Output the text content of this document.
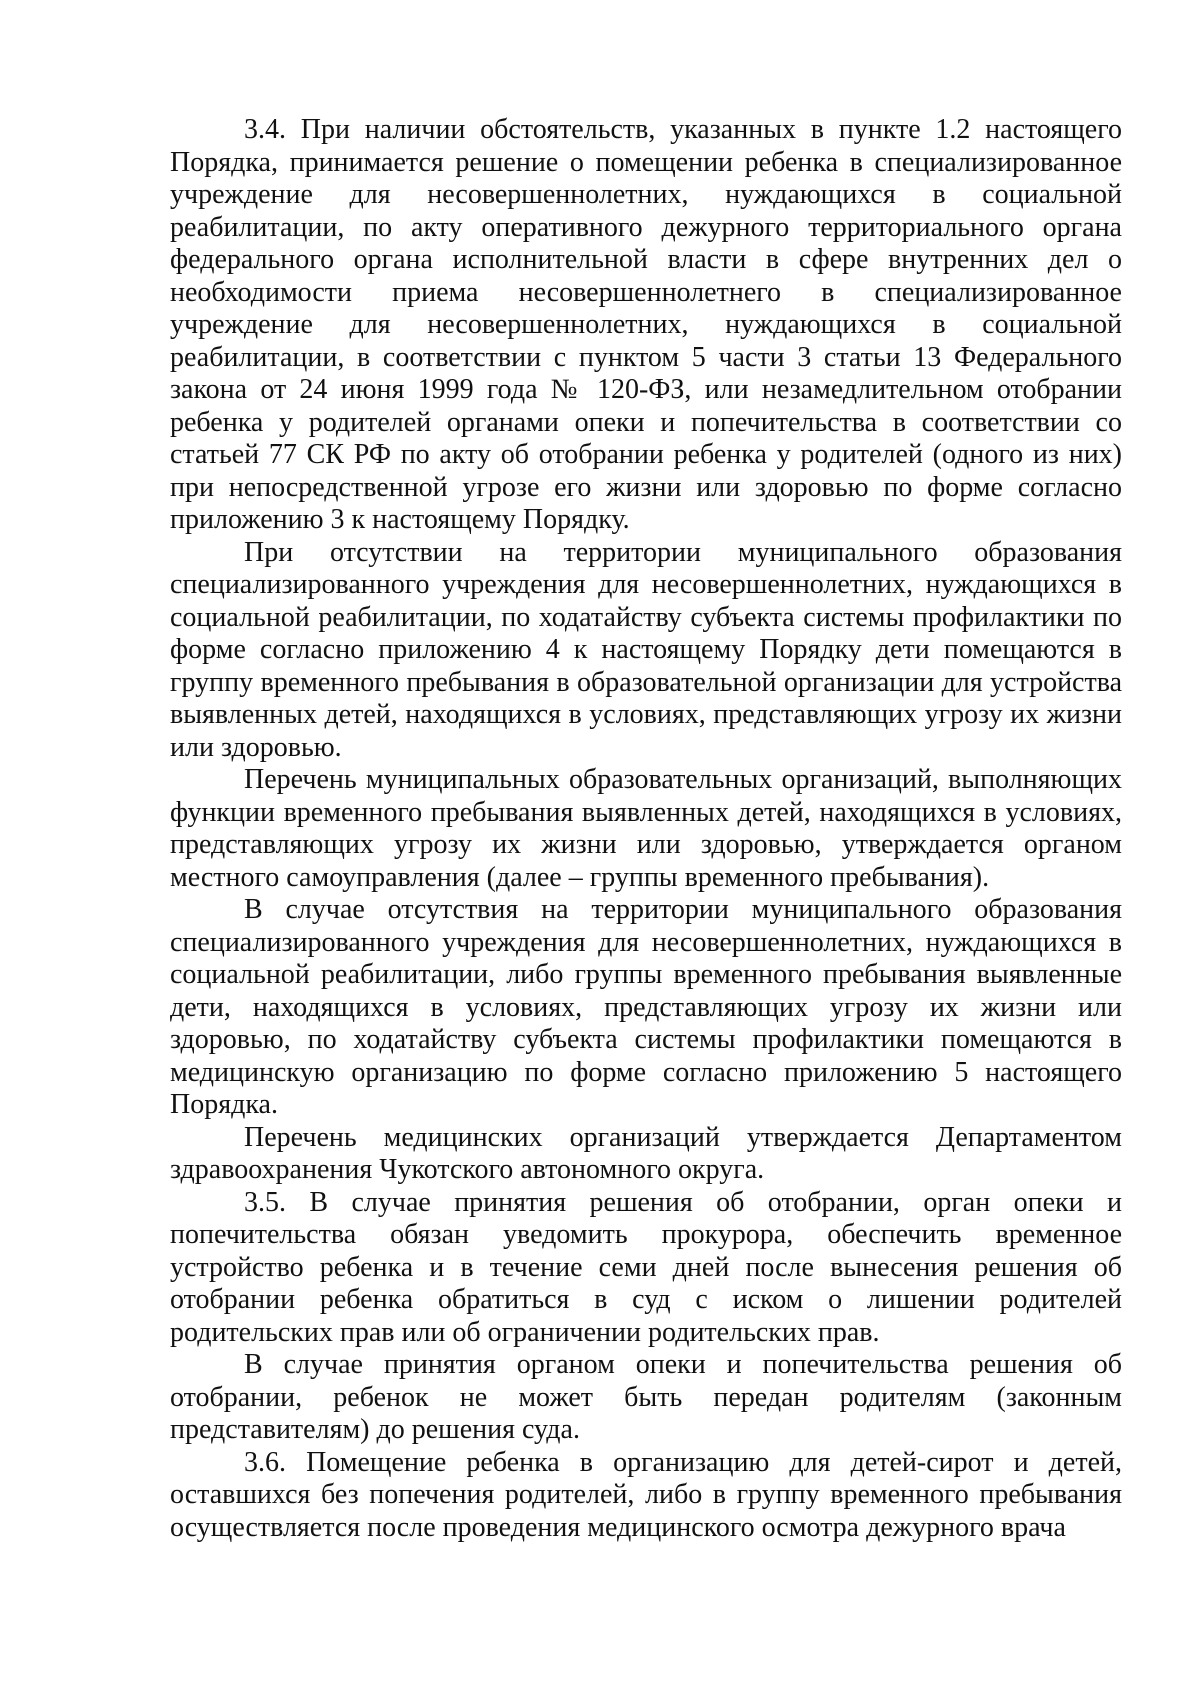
3.4. При наличии обстоятельств, указанных в пункте 1.2 настоящего Порядка, принимается решение о помещении ребенка в специализированное учреждение для несовершеннолетних, нуждающихся в социальной реабилитации, по акту оперативного дежурного территориального органа федерального органа исполнительной власти в сфере внутренних дел о необходимости приема несовершеннолетнего в специализированное учреждение для несовершеннолетних, нуждающихся в социальной реабилитации, в соответствии с пунктом 5 части 3 статьи 13 Федерального закона от 24 июня 1999 года № 120-ФЗ, или незамедлительном отобрании ребенка у родителей органами опеки и попечительства в соответствии со статьей 77 СК РФ по акту об отобрании ребенка у родителей (одного из них) при непосредственной угрозе его жизни или здоровью по форме согласно приложению 3 к настоящему Порядку.

При отсутствии на территории муниципального образования специализированного учреждения для несовершеннолетних, нуждающихся в социальной реабилитации, по ходатайству субъекта системы профилактики по форме согласно приложению 4 к настоящему Порядку дети помещаются в группу временного пребывания в образовательной организации для устройства выявленных детей, находящихся в условиях, представляющих угрозу их жизни или здоровью.

Перечень муниципальных образовательных организаций, выполняющих функции временного пребывания выявленных детей, находящихся в условиях, представляющих угрозу их жизни или здоровью, утверждается органом местного самоуправления (далее – группы временного пребывания).

В случае отсутствия на территории муниципального образования специализированного учреждения для несовершеннолетних, нуждающихся в социальной реабилитации, либо группы временного пребывания выявленные дети, находящихся в условиях, представляющих угрозу их жизни или здоровью, по ходатайству субъекта системы профилактики помещаются в медицинскую организацию по форме согласно приложению 5 настоящего Порядка.

Перечень медицинских организаций утверждается Департаментом здравоохранения Чукотского автономного округа.

3.5. В случае принятия решения об отобрании, орган опеки и попечительства обязан уведомить прокурора, обеспечить временное устройство ребенка и в течение семи дней после вынесения решения об отобрании ребенка обратиться в суд с иском о лишении родителей родительских прав или об ограничении родительских прав.

В случае принятия органом опеки и попечительства решения об отобрании, ребенок не может быть передан родителям (законным представителям) до решения суда.

3.6. Помещение ребенка в организацию для детей-сирот и детей, оставшихся без попечения родителей, либо в группу временного пребывания осуществляется после проведения медицинского осмотра дежурного врача
